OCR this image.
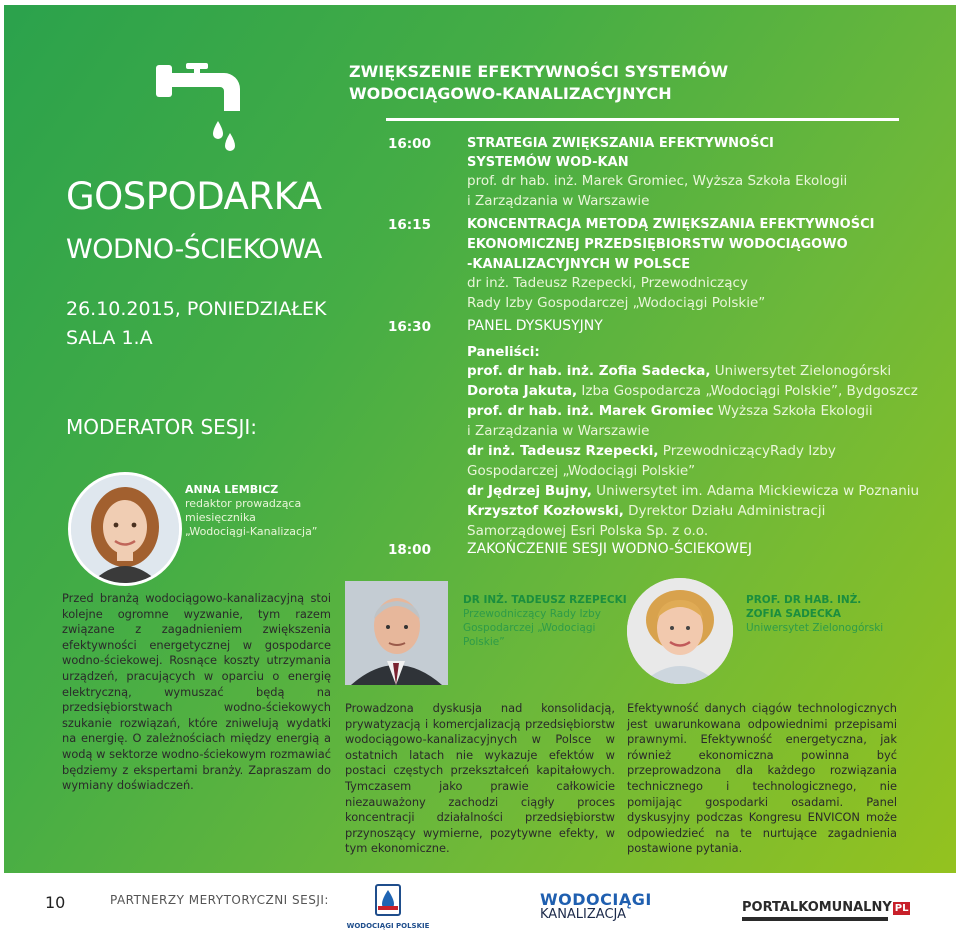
GOSPODARKA
WODNO-ŚCIEKOWA
26.10.2015, PONIEDZIAŁEK
SALA 1.A
MODERATOR SESJI:
ANNA LEMBICZ
redaktor prowadząca
miesięcznika
„Wodociągi-Kanalizacja”
ZWIĘKSZENIE EFEKTYWNOŚCI SYSTEMÓW
WODOCIĄGOWO-KANALIZACYJNYCH
16:00	STRATEGIA ZWIĘKSZANIA EFEKTYWNOŚCI
SYSTEMÓW WOD-KAN
prof. dr hab. inż. Marek Gromiec, Wyższa Szkoła Ekologii
i Zarządzania w Warszawie
16:15	KONCENTRACJA METODĄ ZWIĘKSZANIA EFEKTYWNOŚCI
EKONOMICZNEJ PRZEDSIĘBIORSTW WODOCIĄGOWO
-KANALIZACYJNYCH W POLSCE
dr inż. Tadeusz Rzepecki, Przewodniczący
Rady Izby Gospodarczej „Wodociągi Polskie”
16:30	PANEL DYSKUSYJNY
Paneliści:
prof. dr hab. inż. Zofia Sadecka, Uniwersytet Zielonogórski
Dorota Jakuta, Izba Gospodarcza „Wodociągi Polskie”, Bydgoszcz
prof. dr hab. inż. Marek Gromiec Wyższa Szkoła Ekologii
i Zarządzania w Warszawie
dr inż. Tadeusz Rzepecki, PrzewodniczącyRady Izby
Gospodarczej „Wodociągi Polskie”
dr Jędrzej Bujny, Uniwersytet im. Adama Mickiewicza w Poznaniu
Krzysztof Kozłowski, Dyrektor Działu Administracji
Samorządowej Esri Polska Sp. z o.o.
18:00	ZAKOŃCZENIE SESJI WODNO-ŚCIEKOWEJ
Przed branżą wodociągowo-kanalizacyjną stoi kolejne ogromne wyzwanie, tym razem związane z zagadnieniem zwiększenia efektywności energetycznej w gospodarce wodno-ściekowej. Rosnące koszty utrzymania urządzeń, pracujących w oparciu o energię elektryczną, wymuszać będą na przedsiębiorstwach wodno-ściekowych szukanie rozwiązań, które zniwelują wydatki na energię. O zależnościach między energią a wodą w sektorze wodno-ściekowym rozmawiać będziemy z ekspertami branży. Zapraszam do wymiany doświadczeń.
DR INŻ. TADEUSZ RZEPECKI
Przewodniczący Rady Izby
Gospodarczej „Wodociągi
Polskie”
Prowadzona dyskusja nad konsolidacją, prywatyzacją i komercjalizacją przedsiębiorstw wodociągowo-kanalizacyjnych w Polsce w ostatnich latach nie wykazuje efektów w postaci częstych przekształceń kapitałowych. Tymczasem jako prawie całkowicie niezauważony zachodzi ciągły proces koncentracji działalności przedsiębiorstw przynoszący wymierne, pozytywne efekty, w tym ekonomiczne.
PROF. DR HAB. INŻ.
ZOFIA SADECKA
Uniwersytet Zielonogórski
Efektywność danych ciągów technologicznych jest uwarunkowana odpowiednimi przepisami prawnymi. Efektywność energetyczna, jak również ekonomiczna powinna być przeprowadzona dla każdego rozwiązania technicznego i technologicznego, nie pomijając gospodarki osadami. Panel dyskusyjny podczas Kongresu ENVICON może odpowiedzieć na te nurtujące zagadnienia postawione pytania.
10	PARTNERZY MERYTORYCZNI SESJI:
WODOCIĄGI POLSKIE
WODOCIĄGI
KANALIZACJA	PORTALKOMUNALNY PL
